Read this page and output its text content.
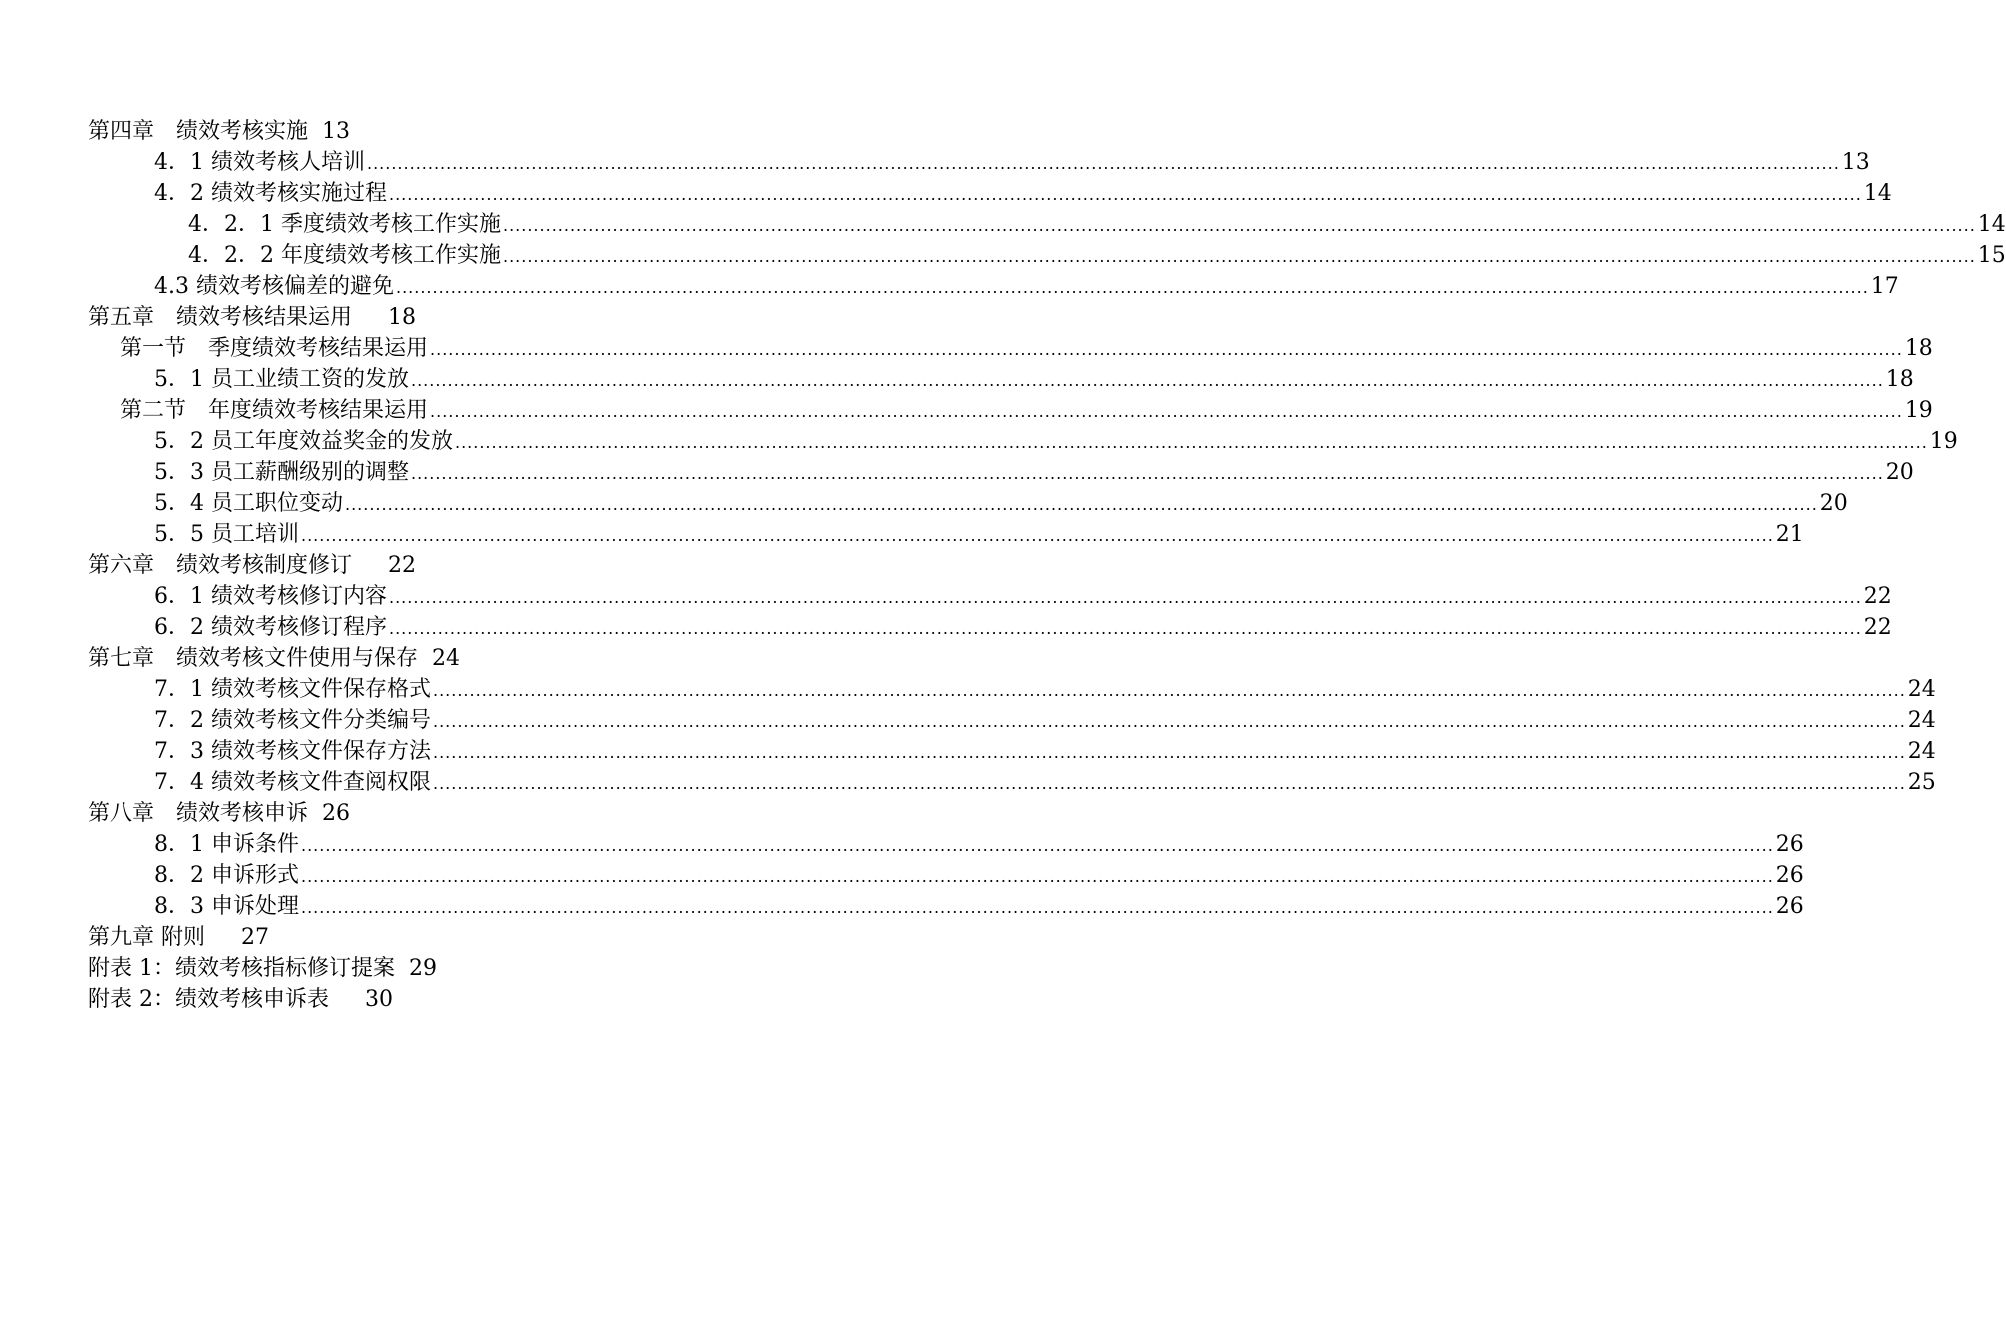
第四章　绩效考核实施 13
4．1 绩效考核人培训 .....	13
4．2 绩效考核实施过程 .....	14
4．2．1 季度绩效考核工作实施 .....	14
4．2．2 年度绩效考核工作实施 .....	15
4.3 绩效考核偏差的避免 .....	17
第五章　绩效考核结果运用　18
第一节　季度绩效考核结果运用 .....	18
5．1 员工业绩工资的发放 .....	18
第二节　年度绩效考核结果运用 .....	19
5．2 员工年度效益奖金的发放 .....	19
5．3 员工薪酬级别的调整 .....	20
5．4 员工职位变动 .....	20
5．5 员工培训 .....	21
第六章　绩效考核制度修订　22
6．1 绩效考核修订内容 .....	22
6．2 绩效考核修订程序 .....	22
第七章　绩效考核文件使用与保存 24
7．1 绩效考核文件保存格式 .....	24
7．2 绩效考核文件分类编号 .....	24
7．3 绩效考核文件保存方法 .....	24
7．4 绩效考核文件查阅权限 .....	25
第八章　绩效考核申诉 26
8．1 申诉条件 .....	26
8．2 申诉形式 .....	26
8．3 申诉处理 .....	26
第九章 附则　27
附表 1：绩效考核指标修订提案 29
附表 2：绩效考核申诉表　30
